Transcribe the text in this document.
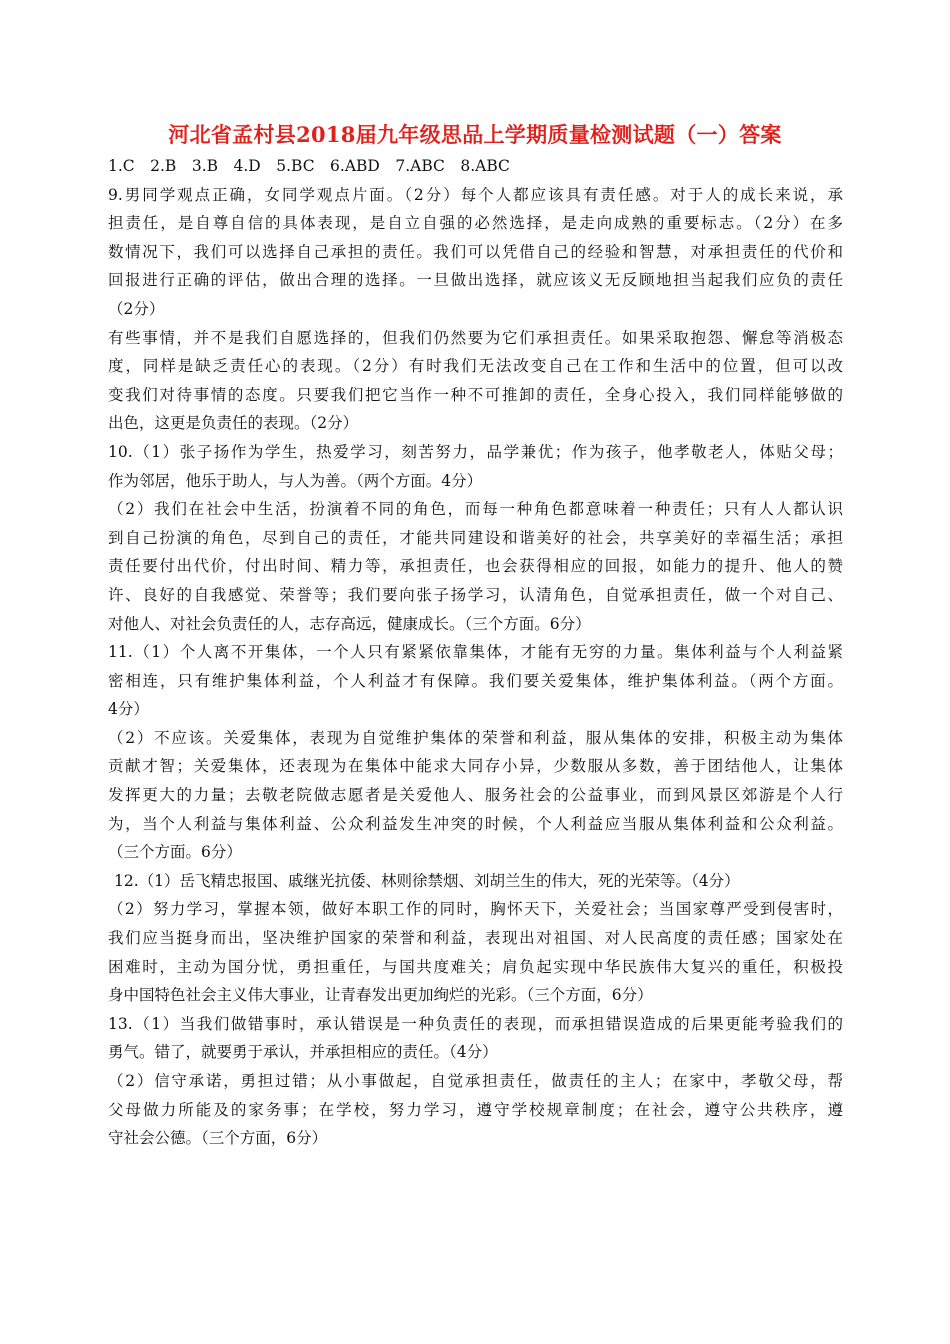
河北省孟村县2018届九年级思品上学期质量检测试题（一）答案
1.C　2.B　3.B　4.D　5.BC　6.ABD　7.ABC　8.ABC
9.男同学观点正确，女同学观点片面。（2分）每个人都应该具有责任感。对于人的成长来说，承
担责任，是自尊自信的具体表现，是自立自强的必然选择，是走向成熟的重要标志。（2分）在多
数情况下，我们可以选择自己承担的责任。我们可以凭借自己的经验和智慧，对承担责任的代价和
回报进行正确的评估，做出合理的选择。一旦做出选择，就应该义无反顾地担当起我们应负的责任
（2分）
有些事情，并不是我们自愿选择的，但我们仍然要为它们承担责任。如果采取抱怨、懈怠等消极态
度，同样是缺乏责任心的表现。（2分）有时我们无法改变自己在工作和生活中的位置，但可以改
变我们对待事情的态度。只要我们把它当作一种不可推卸的责任，全身心投入，我们同样能够做的
出色，这更是负责任的表现。（2分）
10.（1）张子扬作为学生，热爱学习，刻苦努力，品学兼优；作为孩子，他孝敬老人，体贴父母；
作为邻居，他乐于助人，与人为善。（两个方面。4分）
（2）我们在社会中生活，扮演着不同的角色，而每一种角色都意味着一种责任；只有人人都认识
到自己扮演的角色，尽到自己的责任，才能共同建设和谐美好的社会，共享美好的幸福生活；承担
责任要付出代价，付出时间、精力等，承担责任，也会获得相应的回报，如能力的提升、他人的赞
许、良好的自我感觉、荣誉等；我们要向张子扬学习，认清角色，自觉承担责任，做一个对自己、
对他人、对社会负责任的人，志存高远，健康成长。（三个方面。6分）
11.（1）个人离不开集体，一个人只有紧紧依靠集体，才能有无穷的力量。集体利益与个人利益紧
密相连，只有维护集体利益，个人利益才有保障。我们要关爱集体，维护集体利益。（两个方面。
4分）
（2）不应该。关爱集体，表现为自觉维护集体的荣誉和利益，服从集体的安排，积极主动为集体
贡献才智；关爱集体，还表现为在集体中能求大同存小异，少数服从多数，善于团结他人，让集体
发挥更大的力量；去敬老院做志愿者是关爱他人、服务社会的公益事业，而到风景区郊游是个人行
为，当个人利益与集体利益、公众利益发生冲突的时候，个人利益应当服从集体利益和公众利益。
（三个方面。6分）
12.（1）岳飞精忠报国、戚继光抗倭、林则徐禁烟、刘胡兰生的伟大，死的光荣等。（4分）
（2）努力学习，掌握本领，做好本职工作的同时，胸怀天下，关爱社会；当国家尊严受到侵害时，
我们应当挺身而出，坚决维护国家的荣誉和利益，表现出对祖国、对人民高度的责任感；国家处在
困难时，主动为国分忧，勇担重任，与国共度难关；肩负起实现中华民族伟大复兴的重任，积极投
身中国特色社会主义伟大事业，让青春发出更加绚烂的光彩。（三个方面，6分）
13.（1）当我们做错事时，承认错误是一种负责任的表现，而承担错误造成的后果更能考验我们的
勇气。错了，就要勇于承认，并承担相应的责任。（4分）
（2）信守承诺，勇担过错；从小事做起，自觉承担责任，做责任的主人；在家中，孝敬父母，帮
父母做力所能及的家务事；在学校，努力学习，遵守学校规章制度；在社会，遵守公共秩序，遵
守社会公德。（三个方面，6分）
